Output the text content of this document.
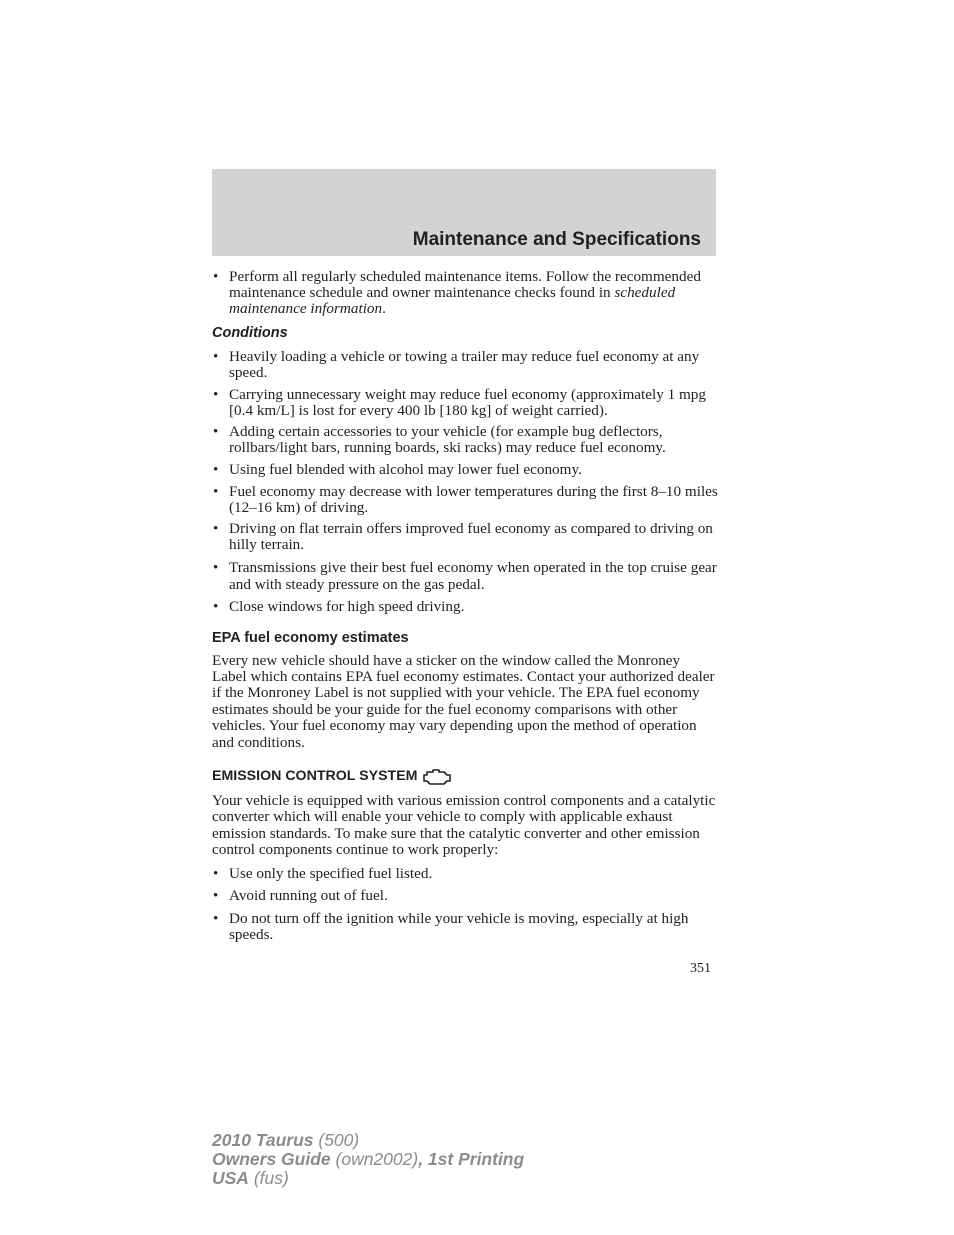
Maintenance and Specifications
• Perform all regularly scheduled maintenance items. Follow the recommended maintenance schedule and owner maintenance checks found in scheduled maintenance information.
Conditions
• Heavily loading a vehicle or towing a trailer may reduce fuel economy at any speed.
• Carrying unnecessary weight may reduce fuel economy (approximately 1 mpg [0.4 km/L] is lost for every 400 lb [180 kg] of weight carried).
• Adding certain accessories to your vehicle (for example bug deflectors, rollbars/light bars, running boards, ski racks) may reduce fuel economy.
• Using fuel blended with alcohol may lower fuel economy.
• Fuel economy may decrease with lower temperatures during the first 8–10 miles (12–16 km) of driving.
• Driving on flat terrain offers improved fuel economy as compared to driving on hilly terrain.
• Transmissions give their best fuel economy when operated in the top cruise gear and with steady pressure on the gas pedal.
• Close windows for high speed driving.
EPA fuel economy estimates

Every new vehicle should have a sticker on the window called the Monroney Label which contains EPA fuel economy estimates. Contact your authorized dealer if the Monroney Label is not supplied with your vehicle. The EPA fuel economy estimates should be your guide for the fuel economy comparisons with other vehicles. Your fuel economy may vary depending upon the method of operation and conditions.

EMISSION CONTROL SYSTEM

Your vehicle is equipped with various emission control components and a catalytic converter which will enable your vehicle to comply with applicable exhaust emission standards. To make sure that the catalytic converter and other emission control components continue to work properly:

• Use only the specified fuel listed.
• Avoid running out of fuel.
• Do not turn off the ignition while your vehicle is moving, especially at high speeds.
351
2010 Taurus (500)
Owners Guide (own2002), 1st Printing
USA (fus)
